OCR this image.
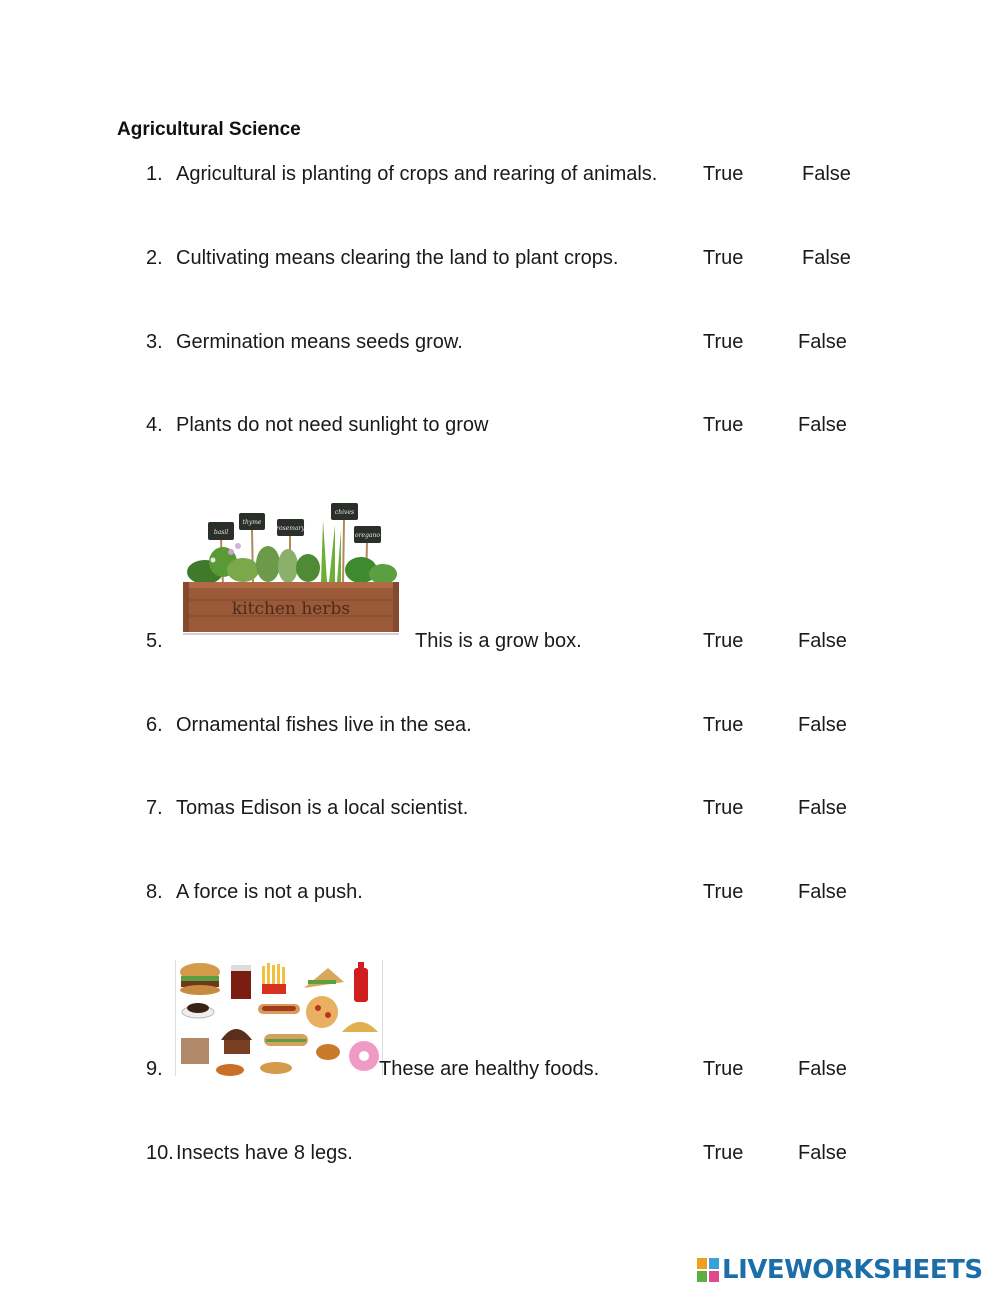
Agricultural Science
1. Agricultural is planting of crops and rearing of animals. True	False
2. Cultivating means clearing the land to plant crops.	True	False
3. Germination means seeds grow.	True	False
4. Plants do not need sunlight to grow	True	False
basil
thyme
rosemary
chives
oregano
kitchen herbs
5.	This is a grow box.	True	False
6. Ornamental fishes live in the sea.	True	False
7. Tomas Edison is a local scientist.	True	False
8. A force is not a push.	True	False
9.	These are healthy foods.	True	False
10. Insects have 8 legs.	True	False
LIVEWORKSHEETS
